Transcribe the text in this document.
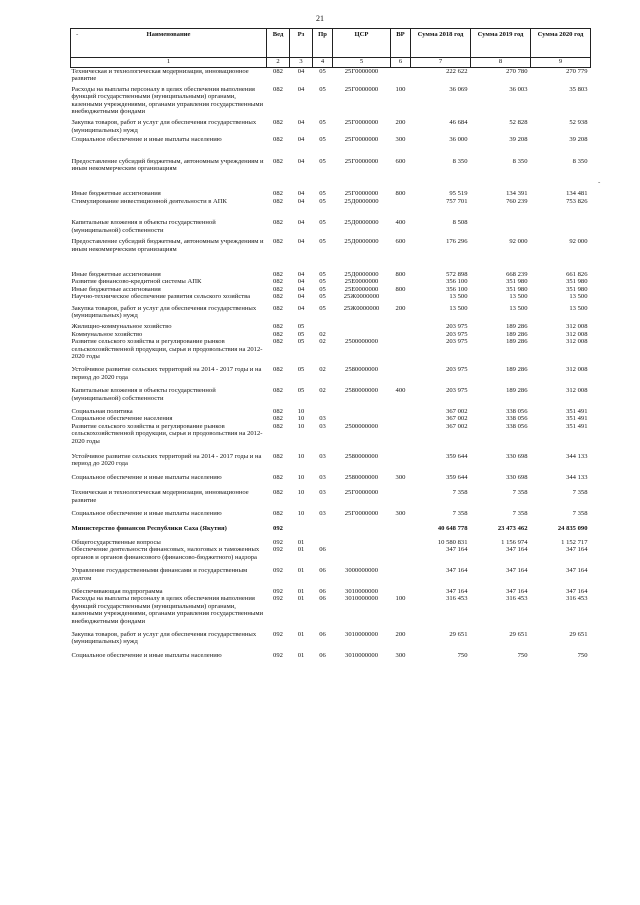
21
-
-
Наименование	Вед	Рз	Пр	ЦСР	ВР	Сумма 2018 год	Сумма 2019 год	Сумма 2020 год
1	2	3	4	5	6	7	8	9
Техническая и технологическая модернизация, инновационное развитие	082	04	05	25Г0000000		222 622	270 780	270 779
Расходы на выплаты персоналу в целях обеспечения выполнения функций государственными (муниципальными) органами, казенными учреждениями, органами управления государственными внебюджетными фондами	082	04	05	25Г0000000	100	36 069	36 003	35 803
Закупка товаров, работ и услуг для обеспечения государственных (муниципальных) нужд	082	04	05	25Г0000000	200	46 684	52 828	52 938
Социальное обеспечение и иные выплаты населению	082	04	05	25Г0000000	300	36 000	39 208	39 208
Предоставление субсидий бюджетным, автономным учреждениям и иным некоммерческим организациям	082	04	05	25Г0000000	600	8 350	8 350	8 350
Иные бюджетные ассигнования	082	04	05	25Г0000000	800	95 519	134 391	134 481
Стимулирование инвестиционной деятельности в АПК	082	04	05	25Д0000000		757 701	760 239	753 826
Капитальные вложения в объекты государственной (муниципальной) собственности	082	04	05	25Д0000000	400	8 508		
Предоставление субсидий бюджетным, автономным учреждениям и иным некоммерческим организациям	082	04	05	25Д0000000	600	176 296	92 000	92 000
Иные бюджетные ассигнования	082	04	05	25Д0000000	800	572 898	668 239	661 826
Развитие финансово-кредитной системы АПК	082	04	05	25Е0000000		356 100	351 980	351 980
Иные бюджетные ассигнования	082	04	05	25Е0000000	800	356 100	351 980	351 980
Научно-техническое обеспечение развития сельского хозяйства	082	04	05	25Ж0000000		13 500	13 500	13 500
Закупка товаров, работ и услуг для обеспечения государственных (муниципальных) нужд	082	04	05	25Ж0000000	200	13 500	13 500	13 500
Жилищно-коммунальное хозяйство	082	05				203 975	189 286	312 008
Коммунальное хозяйство	082	05	02			203 975	189 286	312 008
Развитие сельского хозяйства и регулирование рынков сельскохозяйственной продукции, сырья и продовольствия на 2012-2020 годы	082	05	02	2500000000		203 975	189 286	312 008
Устойчивое развитие сельских территорий на 2014 - 2017 годы и на период до 2020 года	082	05	02	2580000000		203 975	189 286	312 008
Капитальные вложения в объекты государственной (муниципальной) собственности	082	05	02	2580000000	400	203 975	189 286	312 008
Социальная политика	082	10				367 002	338 056	351 491
Социальное обеспечение населения	082	10	03			367 002	338 056	351 491
Развитие сельского хозяйства и регулирование рынков сельскохозяйственной продукции, сырья и продовольствия на 2012-2020 годы	082	10	03	2500000000		367 002	338 056	351 491
Устойчивое развитие сельских территорий на 2014 - 2017 годы и на период до 2020 года	082	10	03	2580000000		359 644	330 698	344 133
Социальное обеспечение и иные выплаты населению	082	10	03	2580000000	300	359 644	330 698	344 133
Техническая и технологическая модернизация, инновационное развитие	082	10	03	25Г0000000		7 358	7 358	7 358
Социальное обеспечение и иные выплаты населению	082	10	03	25Г0000000	300	7 358	7 358	7 358
Министерство финансов Республики Саха (Якутия)	092					40 648 778	23 473 462	24 835 090
Общегосударственные вопросы	092	01				10 580 831	1 156 974	1 152 717
Обеспечение деятельности финансовых, налоговых и таможенных органов и органов финансового (финансово-бюджетного) надзора	092	01	06			347 164	347 164	347 164
Управление государственными финансами и государственным долгом	092	01	06	3000000000		347 164	347 164	347 164
Обеспечивающая подпрограмма	092	01	06	3010000000		347 164	347 164	347 164
Расходы на выплаты персоналу в целях обеспечения выполнения функций государственными (муниципальными) органами, казенными учреждениями, органами управления государственными внебюджетными фондами	092	01	06	3010000000	100	316 453	316 453	316 453
Закупка товаров, работ и услуг для обеспечения государственных (муниципальных) нужд	092	01	06	3010000000	200	29 651	29 651	29 651
Социальное обеспечение и иные выплаты населению	092	01	06	3010000000	300	750	750	750
